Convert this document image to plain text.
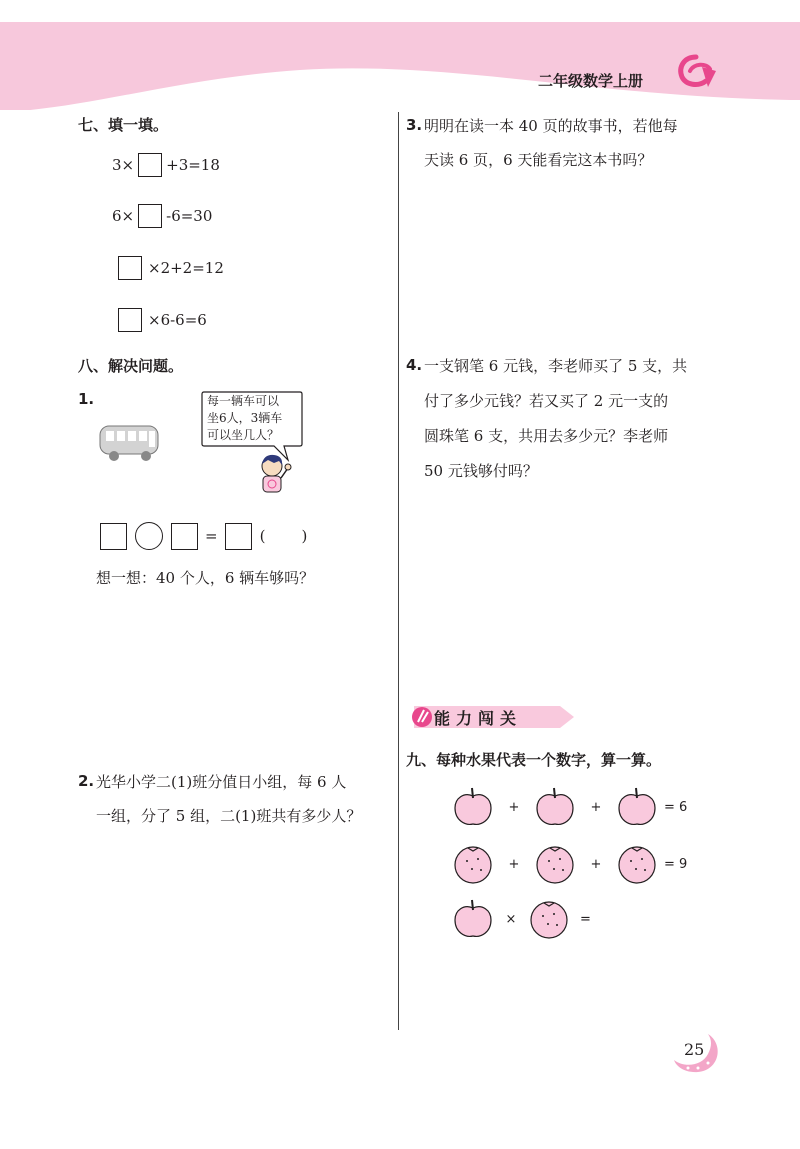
二年级数学上册
七、填一填。
3× +3=18
6× -6=30
×2+2=12
×6-6=6
八、解决问题。
1.	每一辆车可以
坐6人，3辆车
可以坐几人？
=	( )
想一想：40 个人，6 辆车够吗？
2. 光华小学二(1)班分值日小组，每 6 人
一组，分了 5 组，二(1)班共有多少人？
3. 明明在读一本 40 页的故事书，若他每
天读 6 页，6 天能看完这本书吗？
4. 一支钢笔 6 元钱，李老师买了 5 支，共
付了多少元钱？若又买了 2 元一支的
圆珠笔 6 支，共用去多少元？李老师
50 元钱够付吗？
能力闯关
九、每种水果代表一个数字，算一算。
+	+	= 6
+	+	= 9
×	=
25
